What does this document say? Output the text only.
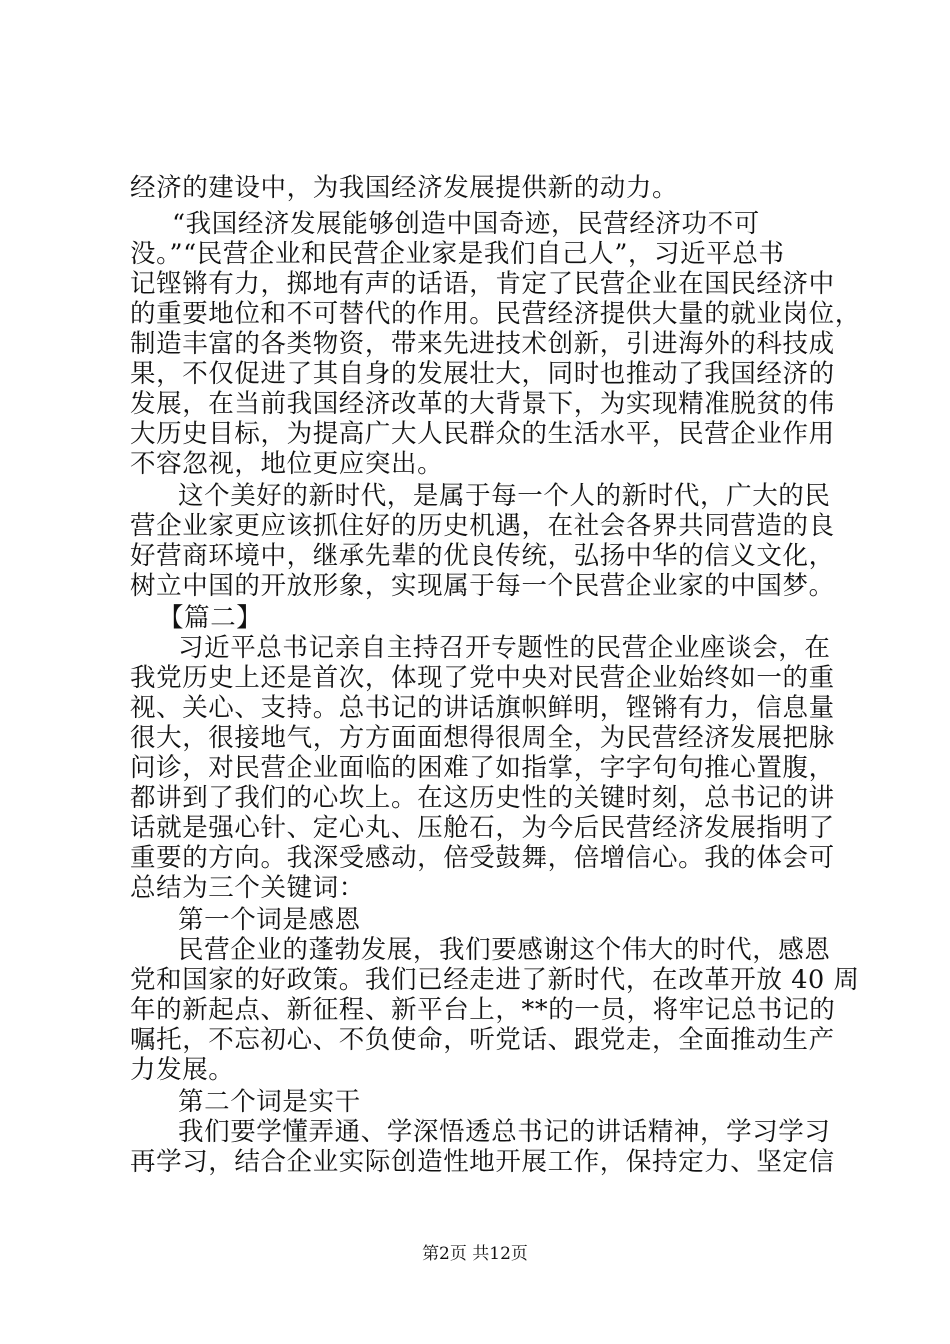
经济的建设中，为我国经济发展提供新的动力。
“我国经济发展能够创造中国奇迹，民营经济功不可
没。”“民营企业和民营企业家是我们自己人”，习近平总书
记铿锵有力，掷地有声的话语，肯定了民营企业在国民经济中
的重要地位和不可替代的作用。民营经济提供大量的就业岗位，
制造丰富的各类物资，带来先进技术创新，引进海外的科技成
果，不仅促进了其自身的发展壮大，同时也推动了我国经济的
发展，在当前我国经济改革的大背景下，为实现精准脱贫的伟
大历史目标，为提高广大人民群众的生活水平，民营企业作用
不容忽视，地位更应突出。
这个美好的新时代，是属于每一个人的新时代，广大的民
营企业家更应该抓住好的历史机遇，在社会各界共同营造的良
好营商环境中，继承先辈的优良传统，弘扬中华的信义文化，
树立中国的开放形象，实现属于每一个民营企业家的中国梦。
【篇二】
习近平总书记亲自主持召开专题性的民营企业座谈会，在
我党历史上还是首次，体现了党中央对民营企业始终如一的重
视、关心、支持。总书记的讲话旗帜鲜明，铿锵有力，信息量
很大，很接地气，方方面面想得很周全，为民营经济发展把脉
问诊，对民营企业面临的困难了如指掌，字字句句推心置腹，
都讲到了我们的心坎上。在这历史性的关键时刻，总书记的讲
话就是强心针、定心丸、压舱石，为今后民营经济发展指明了
重要的方向。我深受感动，倍受鼓舞，倍增信心。我的体会可
总结为三个关键词：
第一个词是感恩
民营企业的蓬勃发展，我们要感谢这个伟大的时代，感恩
党和国家的好政策。我们已经走进了新时代，在改革开放 40 周
年的新起点、新征程、新平台上，**的一员，将牢记总书记的
嘱托，不忘初心、不负使命，听党话、跟党走，全面推动生产
力发展。
第二个词是实干
我们要学懂弄通、学深悟透总书记的讲话精神，学习学习
再学习，结合企业实际创造性地开展工作，保持定力、坚定信
第2页 共12页
